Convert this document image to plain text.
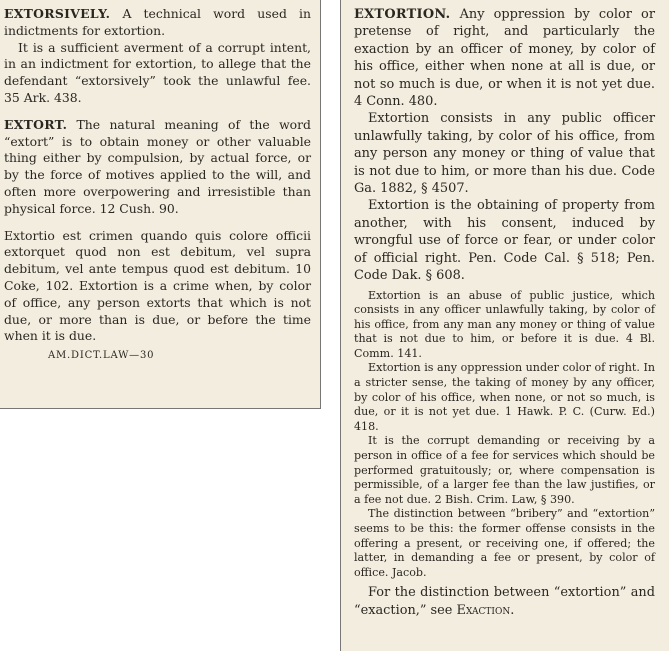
EXTORSIVELY. A technical word used in indictments for extortion.

It is a sufficient averment of a corrupt intent, in an indictment for extortion, to allege that the defendant “extorsively” took the unlawful fee. 35 Ark. 438.

EXTORT. The natural meaning of the word “extort” is to obtain money or other valuable thing either by compulsion, by actual force, or by the force of motives applied to the will, and often more overpowering and irresistible than physical force. 12 Cush. 90.

Extortio est crimen quando quis colore officii extorquet quod non est debitum, vel supra debitum, vel ante tempus quod est debitum. 10 Coke, 102. Extortion is a crime when, by color of office, any person extorts that which is not due, or more than is due, or before the time when it is due.

AM.DICT.LAW—30

EXTORTION. Any oppression by color or pretense of right, and particularly the exaction by an officer of money, by color of his office, either when none at all is due, or not so much is due, or when it is not yet due. 4 Conn. 480.

Extortion consists in any public officer unlawfully taking, by color of his office, from any person any money or thing of value that is not due to him, or more than his due. Code Ga. 1882, § 4507.

Extortion is the obtaining of property from another, with his consent, induced by wrongful use of force or fear, or under color of official right. Pen. Code Cal. § 518; Pen. Code Dak. § 608.

Extortion is an abuse of public justice, which consists in any officer unlawfully taking, by color of his office, from any man any money or thing of value that is not due to him, or before it is due. 4 Bl. Comm. 141.

Extortion is any oppression under color of right. In a stricter sense, the taking of money by any officer, by color of his office, when none, or not so much, is due, or it is not yet due. 1 Hawk. P. C. (Curw. Ed.) 418.

It is the corrupt demanding or receiving by a person in office of a fee for services which should be performed gratuitously; or, where compensation is permissible, of a larger fee than the law justifies, or a fee not due. 2 Bish. Crim. Law, § 390.

The distinction between “bribery” and “extortion” seems to be this: the former offense consists in the offering a present, or receiving one, if offered; the latter, in demanding a fee or present, by color of office. Jacob.

For the distinction between “extortion” and “exaction,” see Exaction.
